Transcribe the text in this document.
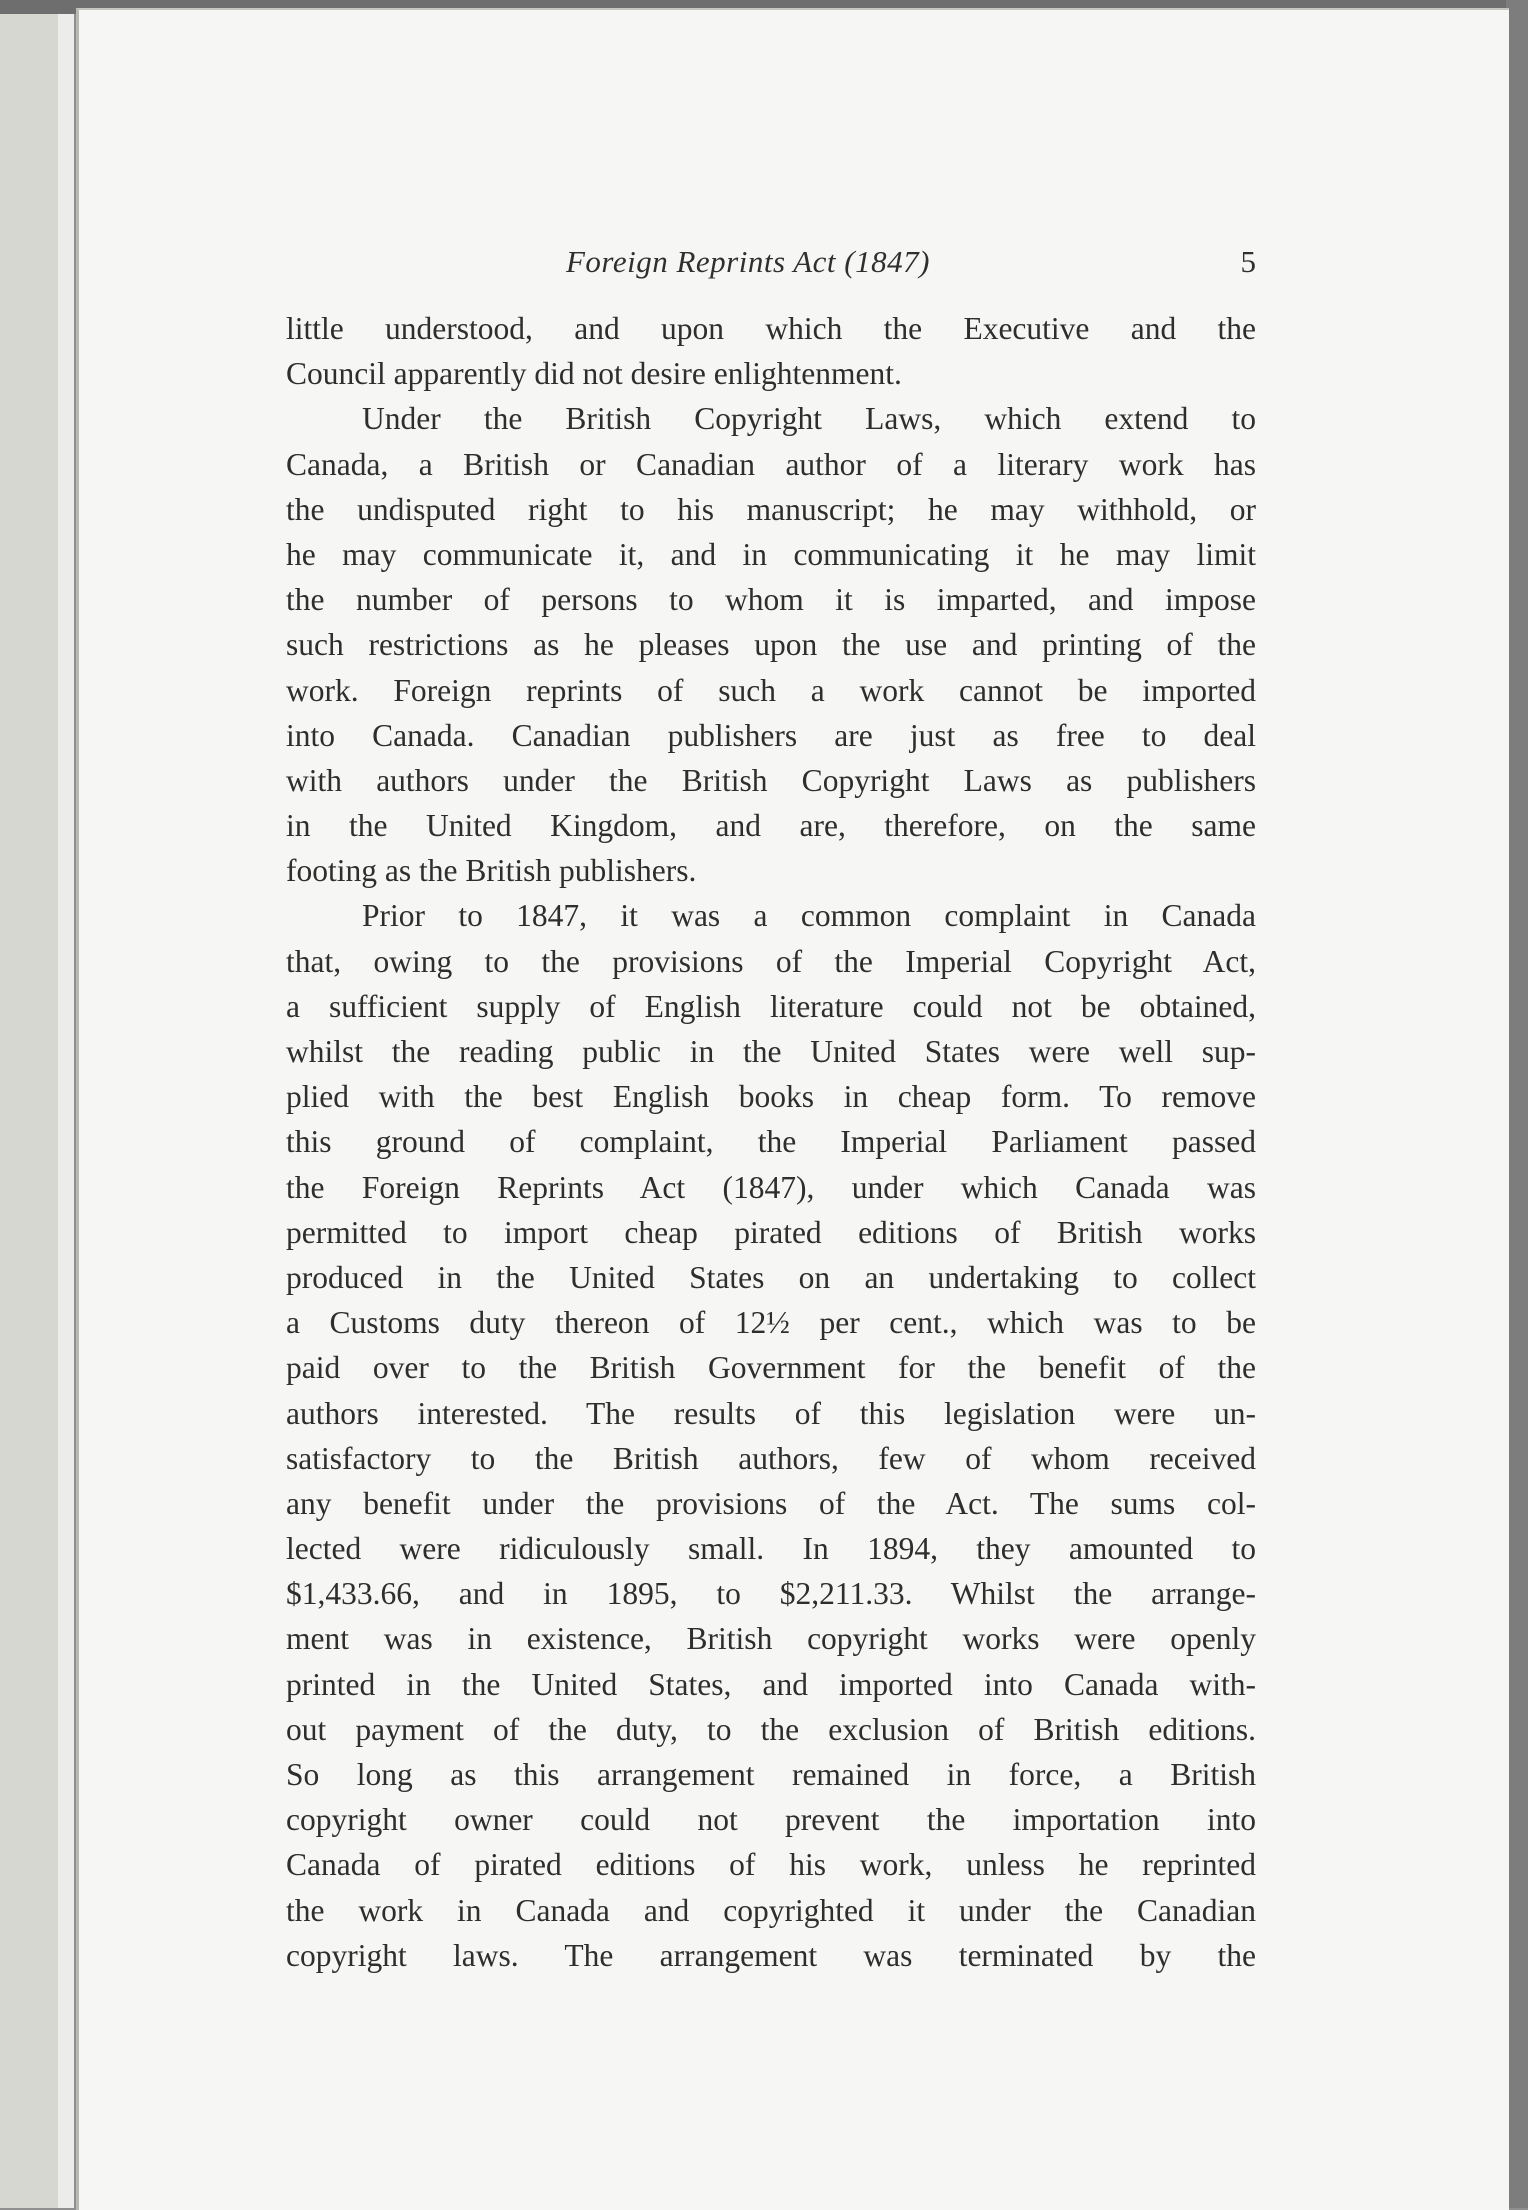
Foreign Reprints Act (1847)	5
little understood, and upon which the Executive and the
Council apparently did not desire enlightenment.
Under the British Copyright Laws, which extend to
Canada, a British or Canadian author of a literary work has
the undisputed right to his manuscript; he may withhold, or
he may communicate it, and in communicating it he may limit
the number of persons to whom it is imparted, and impose
such restrictions as he pleases upon the use and printing of the
work. Foreign reprints of such a work cannot be imported
into Canada. Canadian publishers are just as free to deal
with authors under the British Copyright Laws as publishers
in the United Kingdom, and are, therefore, on the same
footing as the British publishers.
Prior to 1847, it was a common complaint in Canada
that, owing to the provisions of the Imperial Copyright Act,
a sufficient supply of English literature could not be obtained,
whilst the reading public in the United States were well sup-
plied with the best English books in cheap form. To remove
this ground of complaint, the Imperial Parliament passed
the Foreign Reprints Act (1847), under which Canada was
permitted to import cheap pirated editions of British works
produced in the United States on an undertaking to collect
a Customs duty thereon of 12½ per cent., which was to be
paid over to the British Government for the benefit of the
authors interested. The results of this legislation were un-
satisfactory to the British authors, few of whom received
any benefit under the provisions of the Act. The sums col-
lected were ridiculously small. In 1894, they amounted to
$1,433.66, and in 1895, to $2,211.33. Whilst the arrange-
ment was in existence, British copyright works were openly
printed in the United States, and imported into Canada with-
out payment of the duty, to the exclusion of British editions.
So long as this arrangement remained in force, a British
copyright owner could not prevent the importation into
Canada of pirated editions of his work, unless he reprinted
the work in Canada and copyrighted it under the Canadian
copyright laws. The arrangement was terminated by the
